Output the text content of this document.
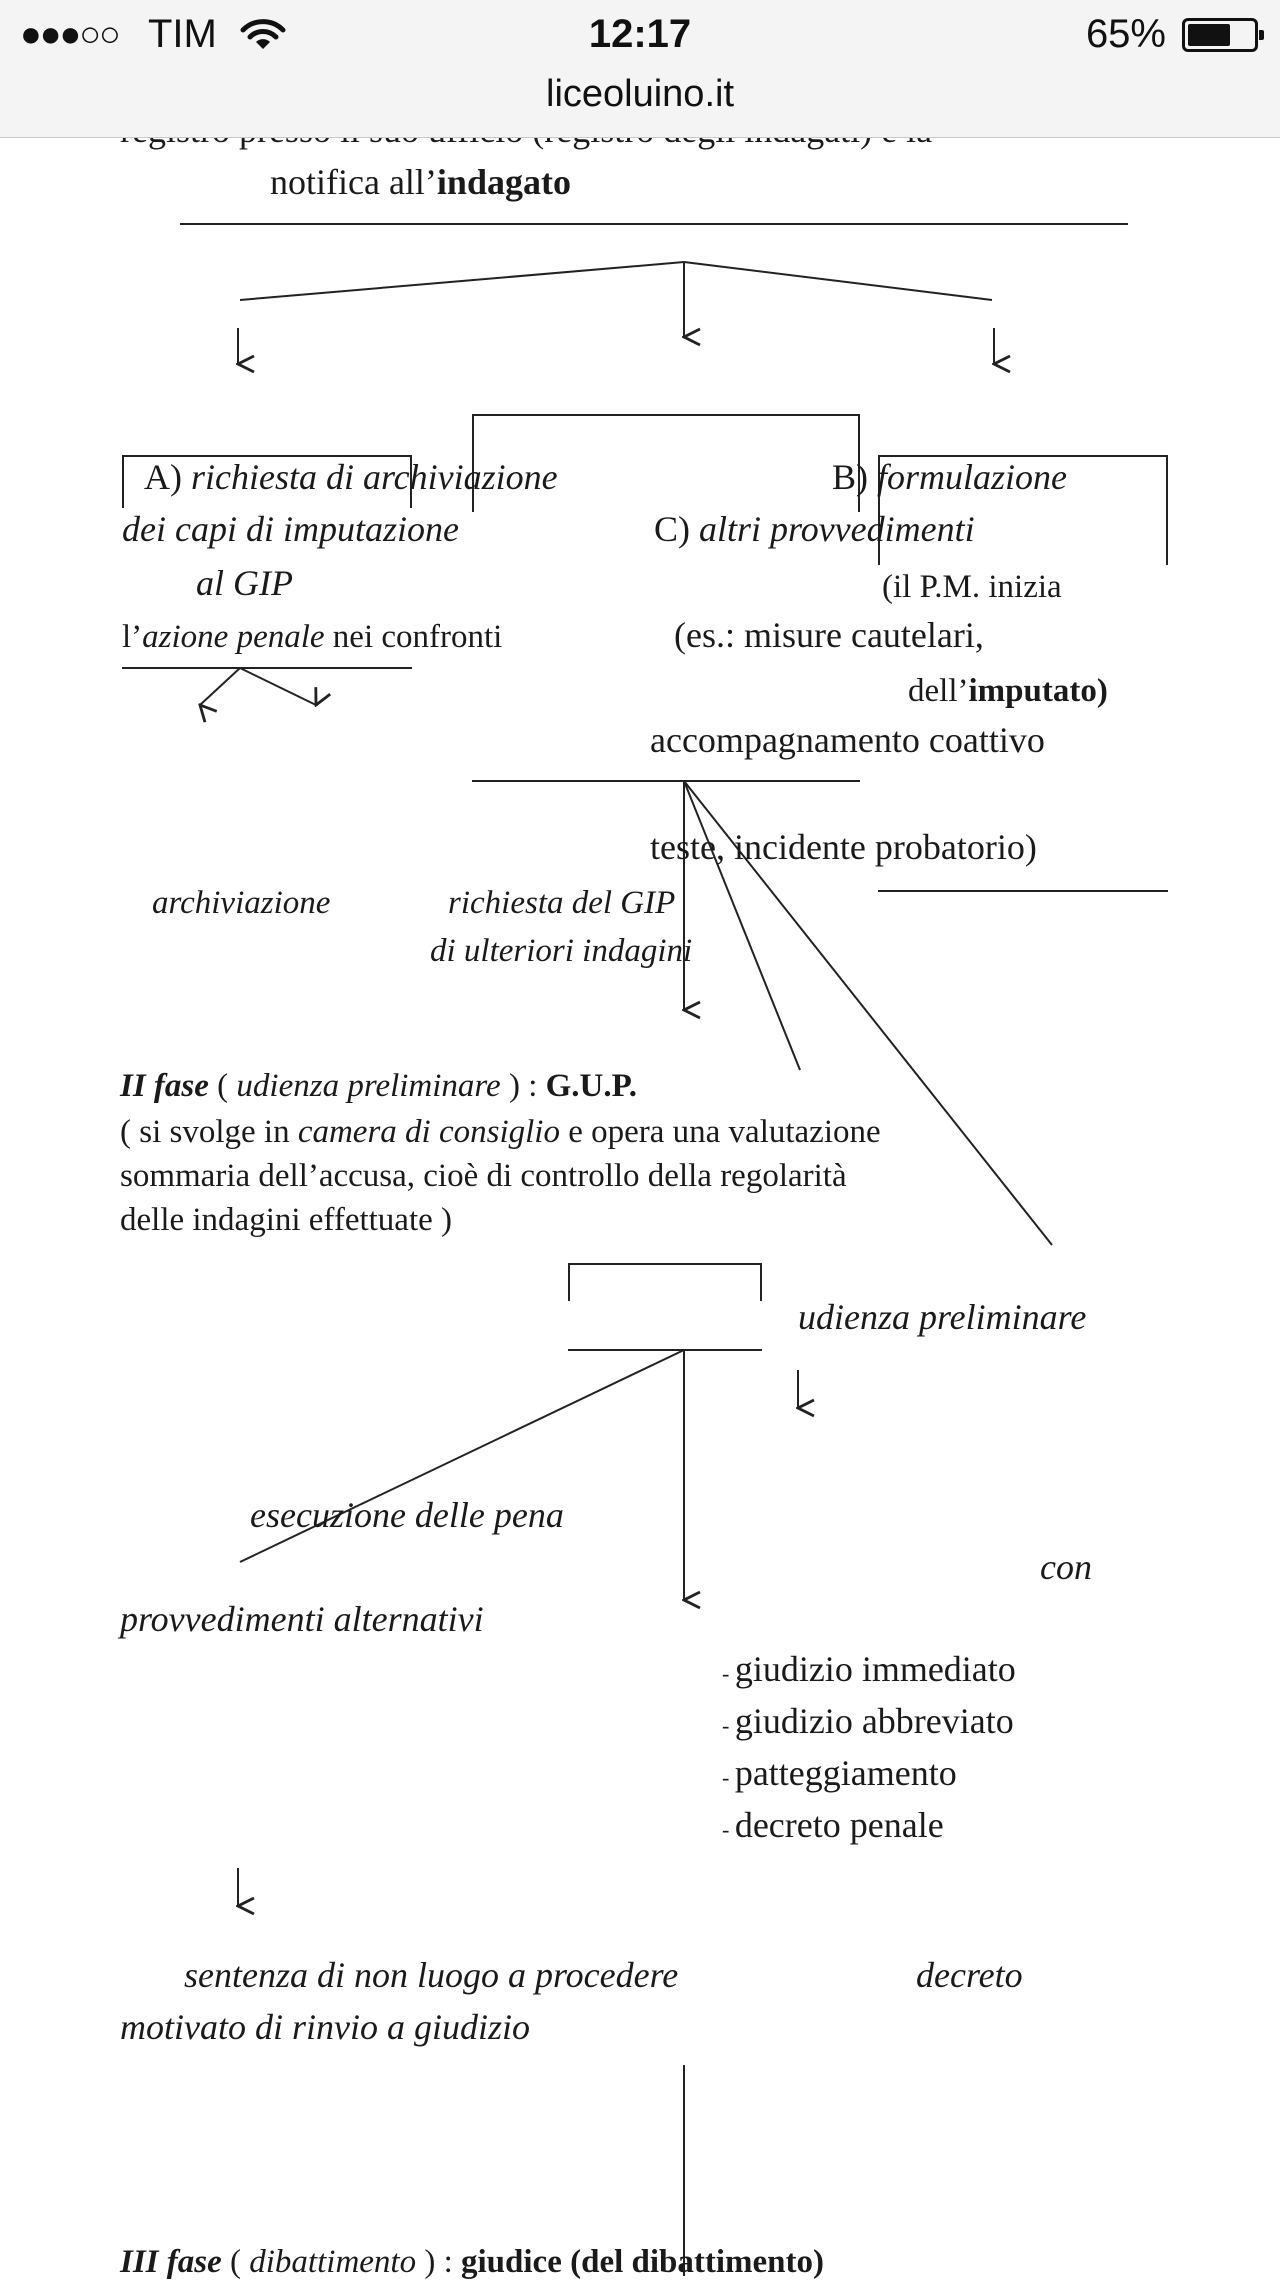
notifica all’indagato
A) richiesta di archiviazione	B) formulazione
dei capi di imputazione	C) altri provvedimenti
al GIP	(il P.M. inizia
l’azione penale nei confronti	(es.: misure cautelari,
dell’imputato)
accompagnamento coattivo
teste, incidente probatorio)
archiviazione	richiesta del GIP
di ulteriori indagini
II fase ( udienza preliminare ) : G.U.P.
( si svolge in camera di consiglio e opera una valutazione
sommaria dell’accusa, cioè di controllo della regolarità
delle indagini effettuate )
udienza preliminare
esecuzione delle pena
con
provvedimenti alternativi
- giudizio immediato
- giudizio abbreviato
- patteggiamento
- decreto penale
sentenza di non luogo a procedere	decreto
motivato di rinvio a giudizio
III fase ( dibattimento ) : giudice (del dibattimento)
●●●○○ TIM	12:17	65%
liceoluino.it
